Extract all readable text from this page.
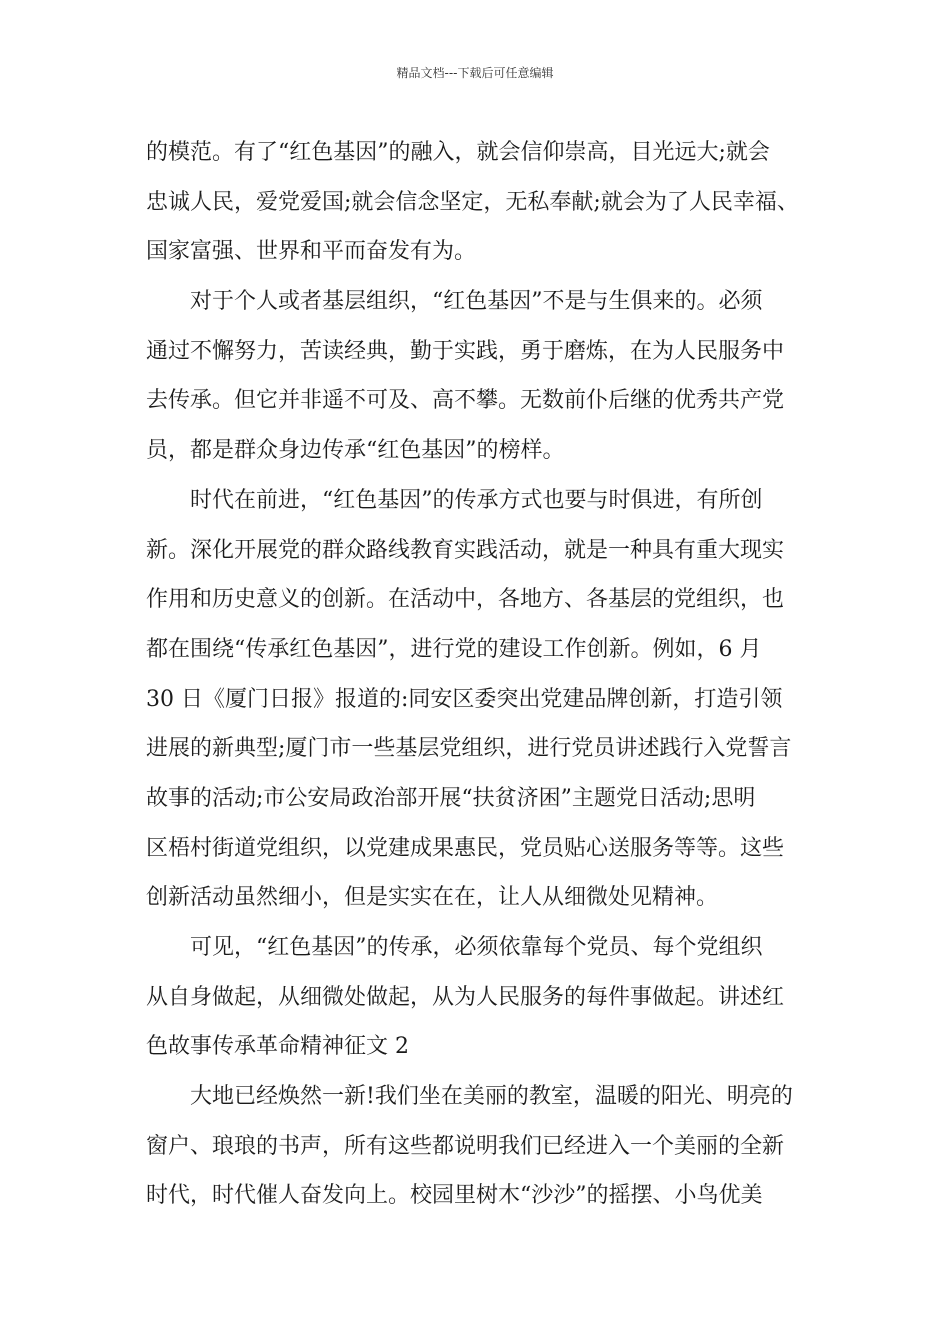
精品文档---下载后可任意编辑
的模范。有了“红色基因”的融入，就会信仰崇高，目光远大;就会
忠诚人民，爱党爱国;就会信念坚定，无私奉献;就会为了人民幸福、
国家富强、世界和平而奋发有为。
对于个人或者基层组织，“红色基因”不是与生俱来的。必须
通过不懈努力，苦读经典，勤于实践，勇于磨炼，在为人民服务中
去传承。但它并非遥不可及、高不攀。无数前仆后继的优秀共产党
员，都是群众身边传承“红色基因”的榜样。
时代在前进，“红色基因”的传承方式也要与时俱进，有所创
新。深化开展党的群众路线教育实践活动，就是一种具有重大现实
作用和历史意义的创新。在活动中，各地方、各基层的党组织，也
都在围绕“传承红色基因”，进行党的建设工作创新。例如，6 月
30 日《厦门日报》报道的:同安区委突出党建品牌创新，打造引领
进展的新典型;厦门市一些基层党组织，进行党员讲述践行入党誓言
故事的活动;市公安局政治部开展“扶贫济困”主题党日活动;思明
区梧村街道党组织，以党建成果惠民，党员贴心送服务等等。这些
创新活动虽然细小，但是实实在在，让人从细微处见精神。
可见，“红色基因”的传承，必须依靠每个党员、每个党组织
从自身做起，从细微处做起，从为人民服务的每件事做起。讲述红
色故事传承革命精神征文 2
大地已经焕然一新!我们坐在美丽的教室，温暖的阳光、明亮的
窗户、琅琅的书声，所有这些都说明我们已经进入一个美丽的全新
时代，时代催人奋发向上。校园里树木“沙沙”的摇摆、小鸟优美
